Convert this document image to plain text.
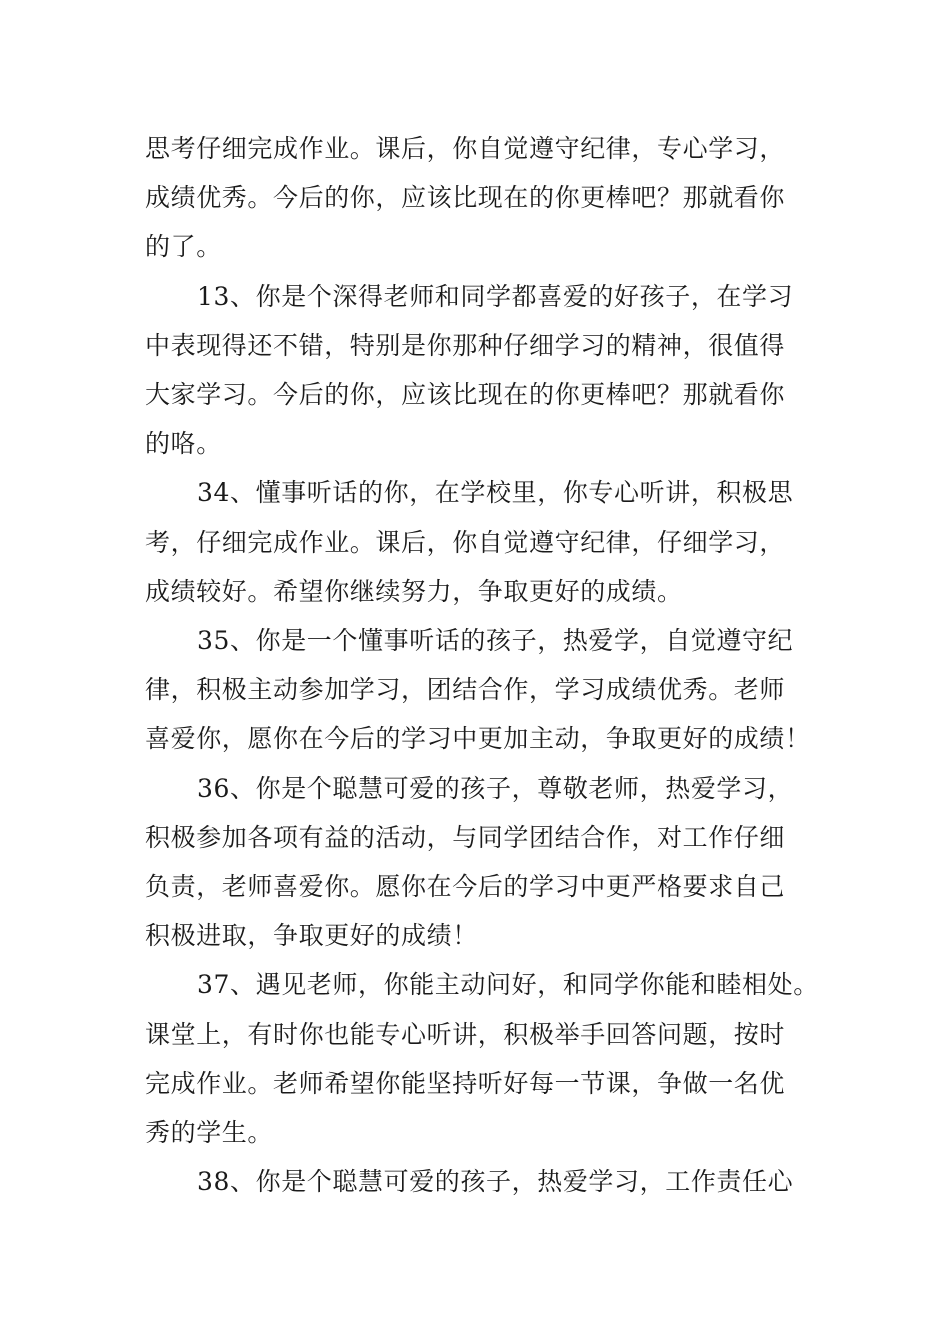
思考仔细完成作业。课后，你自觉遵守纪律，专心学习，
成绩优秀。今后的你，应该比现在的你更棒吧？那就看你
的了。
13、你是个深得老师和同学都喜爱的好孩子，在学习
中表现得还不错，特别是你那种仔细学习的精神，很值得
大家学习。今后的你，应该比现在的你更棒吧？那就看你
的咯。
34、懂事听话的你，在学校里，你专心听讲，积极思
考，仔细完成作业。课后，你自觉遵守纪律，仔细学习，
成绩较好。希望你继续努力，争取更好的成绩。
35、你是一个懂事听话的孩子，热爱学，自觉遵守纪
律，积极主动参加学习，团结合作，学习成绩优秀。老师
喜爱你，愿你在今后的学习中更加主动，争取更好的成绩！
36、你是个聪慧可爱的孩子，尊敬老师，热爱学习，
积极参加各项有益的活动，与同学团结合作，对工作仔细
负责，老师喜爱你。愿你在今后的学习中更严格要求自己
积极进取，争取更好的成绩！
37、遇见老师，你能主动问好，和同学你能和睦相处。
课堂上，有时你也能专心听讲，积极举手回答问题，按时
完成作业。老师希望你能坚持听好每一节课，争做一名优
秀的学生。
38、你是个聪慧可爱的孩子，热爱学习，工作责任心
